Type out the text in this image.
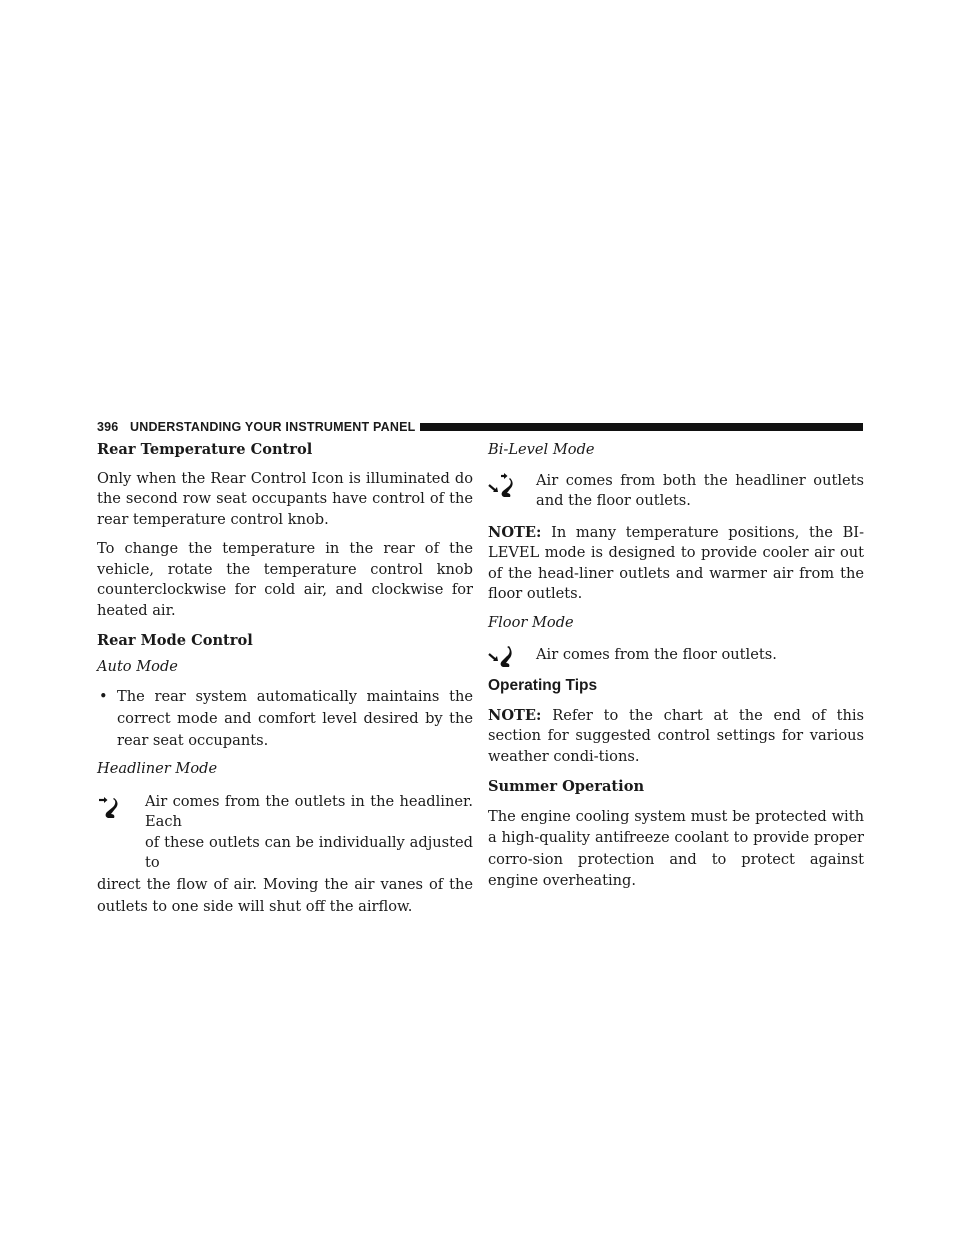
396 UNDERSTANDING YOUR INSTRUMENT PANEL

Rear Temperature Control

Only when the Rear Control Icon is illuminated do the second row seat occupants have control of the rear temperature control knob.

To change the temperature in the rear of the vehicle, rotate the temperature control knob counterclockwise for cold air, and clockwise for heated air.

Rear Mode Control

Auto Mode

• The rear system automatically maintains the correct mode and comfort level desired by the rear seat occupants.

Headliner Mode

Air comes from the outlets in the headliner. Each

of these outlets can be individually adjusted to

direct the flow of air. Moving the air vanes of the outlets to one side will shut off the airflow.

Bi-Level Mode

Air comes from both the headliner outlets and the floor outlets.

NOTE: In many temperature positions, the BI-LEVEL mode is designed to provide cooler air out of the head-liner outlets and warmer air from the floor outlets.

Floor Mode

Air comes from the floor outlets.

Operating Tips

NOTE: Refer to the chart at the end of this section for suggested control settings for various weather condi-tions.

Summer Operation

The engine cooling system must be protected with a high-quality antifreeze coolant to provide proper corro-sion protection and to protect against engine overheating.
